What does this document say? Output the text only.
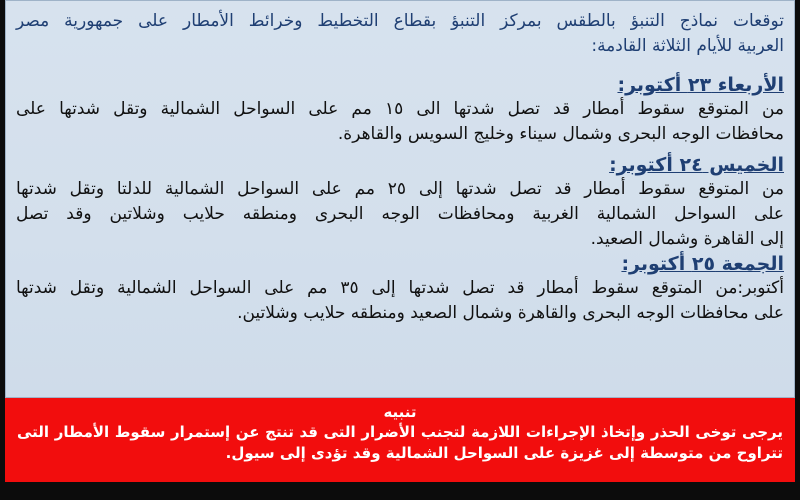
توقعات نماذج التنبؤ بالطقس بمركز التنبؤ بقطاع التخطيط وخرائط الأمطار على جمهورية مصر
العربية للأيام الثلاثة القادمة:

الأربعاء ٢٣ أكتوبر:

من المتوقع سقوط أمطار قد تصل شدتها الى ١٥ مم على السواحل الشمالية وتقل شدتها على
محافظات الوجه البحرى وشمال سيناء وخليج السويس والقاهرة.

الخميس ٢٤ أكتوبر:

من المتوقع سقوط أمطار قد تصل شدتها إلى ٢٥ مم على السواحل الشمالية للدلتا وتقل شدتها
على السواحل الشمالية الغربية ومحافظات الوجه البحرى ومنطقه حلايب وشلاتين وقد تصل
إلى القاهرة وشمال الصعيد.

الجمعة ٢٥ أكتوبر:

أكتوبر:من المتوقع سقوط أمطار قد تصل شدتها إلى ٣٥ مم على السواحل الشمالية وتقل شدتها
على محافظات الوجه البحرى والقاهرة وشمال الصعيد ومنطقه حلايب وشلاتين.

تنبيه

يرجى توخى الحذر وإتخاذ الإجراءات اللازمة لتجنب الأضرار التى قد تنتج عن إستمرار سقوط الأمطار التى
تتراوح من متوسطة إلى غزيزة على السواحل الشمالية وقد تؤدى إلى سيول.
